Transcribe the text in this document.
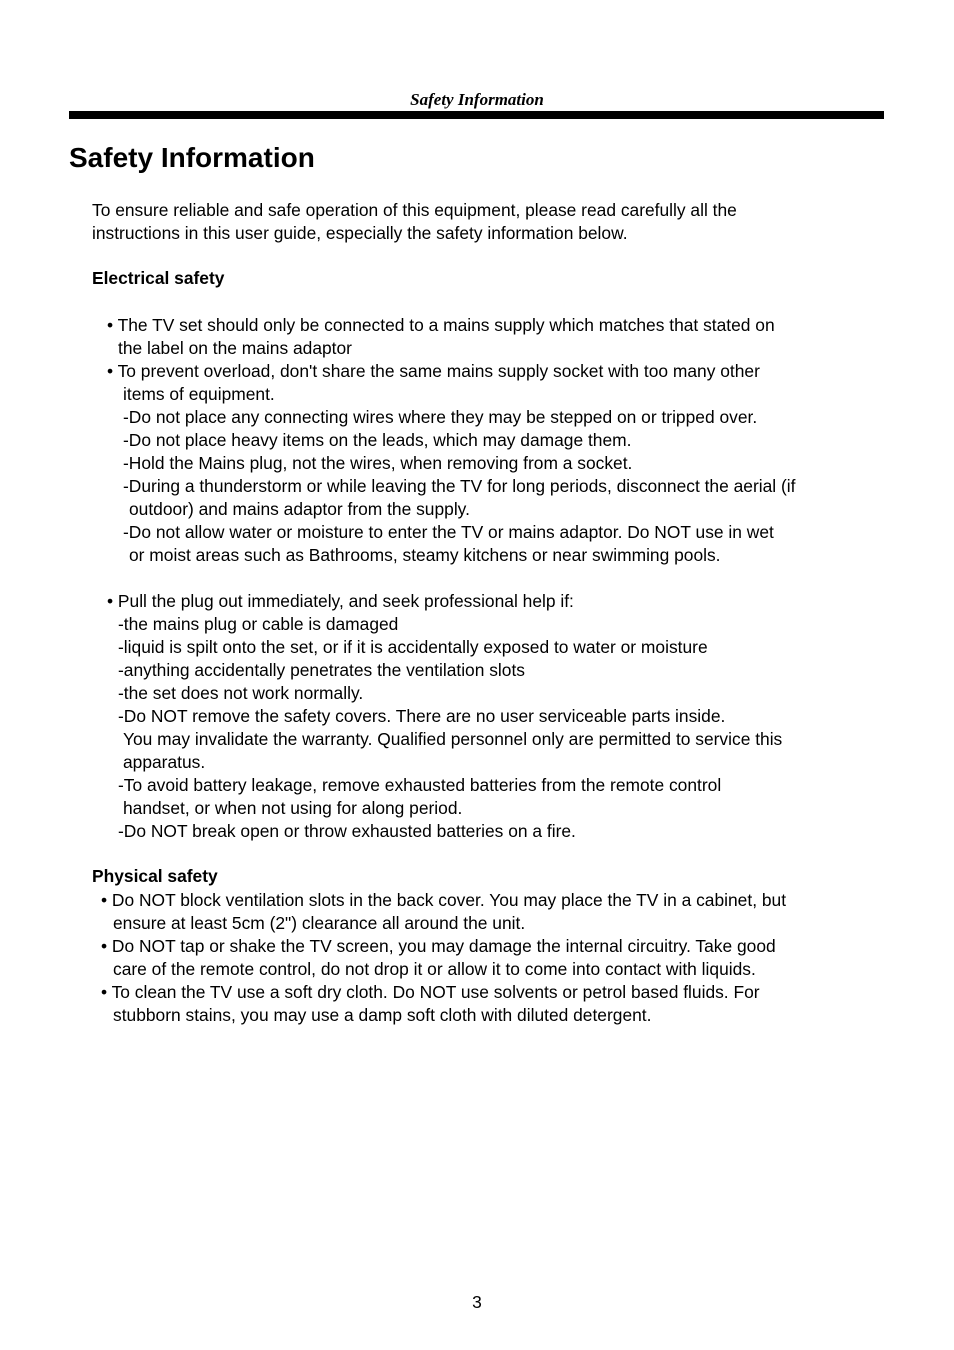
Safety Information
Safety Information

To ensure reliable and safe operation of this equipment, please read carefully all the

instructions in this user guide, especially the safety information below.

Electrical safety

• The TV set should only be connected to a mains supply which matches that stated on

the label on the mains adaptor

• To prevent overload, don't share the same mains supply socket with too many other

items of equipment.

-Do not place any connecting wires where they may be stepped on or tripped over.

-Do not place heavy items on the leads, which may damage them.

-Hold the Mains plug, not the wires, when removing from a socket.

-During a thunderstorm or while leaving the TV for long periods, disconnect the aerial (if

outdoor) and mains adaptor from the supply.

-Do not allow water or moisture to enter the TV or mains adaptor. Do NOT use in wet

or moist areas such as Bathrooms, steamy kitchens or near swimming pools.

• Pull the plug out immediately, and seek professional help if:

-the mains plug or cable is damaged

-liquid is spilt onto the set, or if it is accidentally exposed to water or moisture

-anything accidentally penetrates the ventilation slots

-the set does not work normally.

-Do NOT remove the safety covers. There are no user serviceable parts inside.

You may invalidate the warranty. Qualified personnel only are permitted to service this

apparatus.

-To avoid battery leakage, remove exhausted batteries from the remote control

handset, or when not using for along period.

-Do NOT break open or throw exhausted batteries on a fire.

Physical safety

• Do NOT block ventilation slots in the back cover. You may place the TV in a cabinet, but

ensure at least 5cm (2") clearance all around the unit.

• Do NOT tap or shake the TV screen, you may damage the internal circuitry. Take good

care of the remote control, do not drop it or allow it to come into contact with liquids.

• To clean the TV use a soft dry cloth. Do NOT use solvents or petrol based fluids. For

stubborn stains, you may use a damp soft cloth with diluted detergent.

3
